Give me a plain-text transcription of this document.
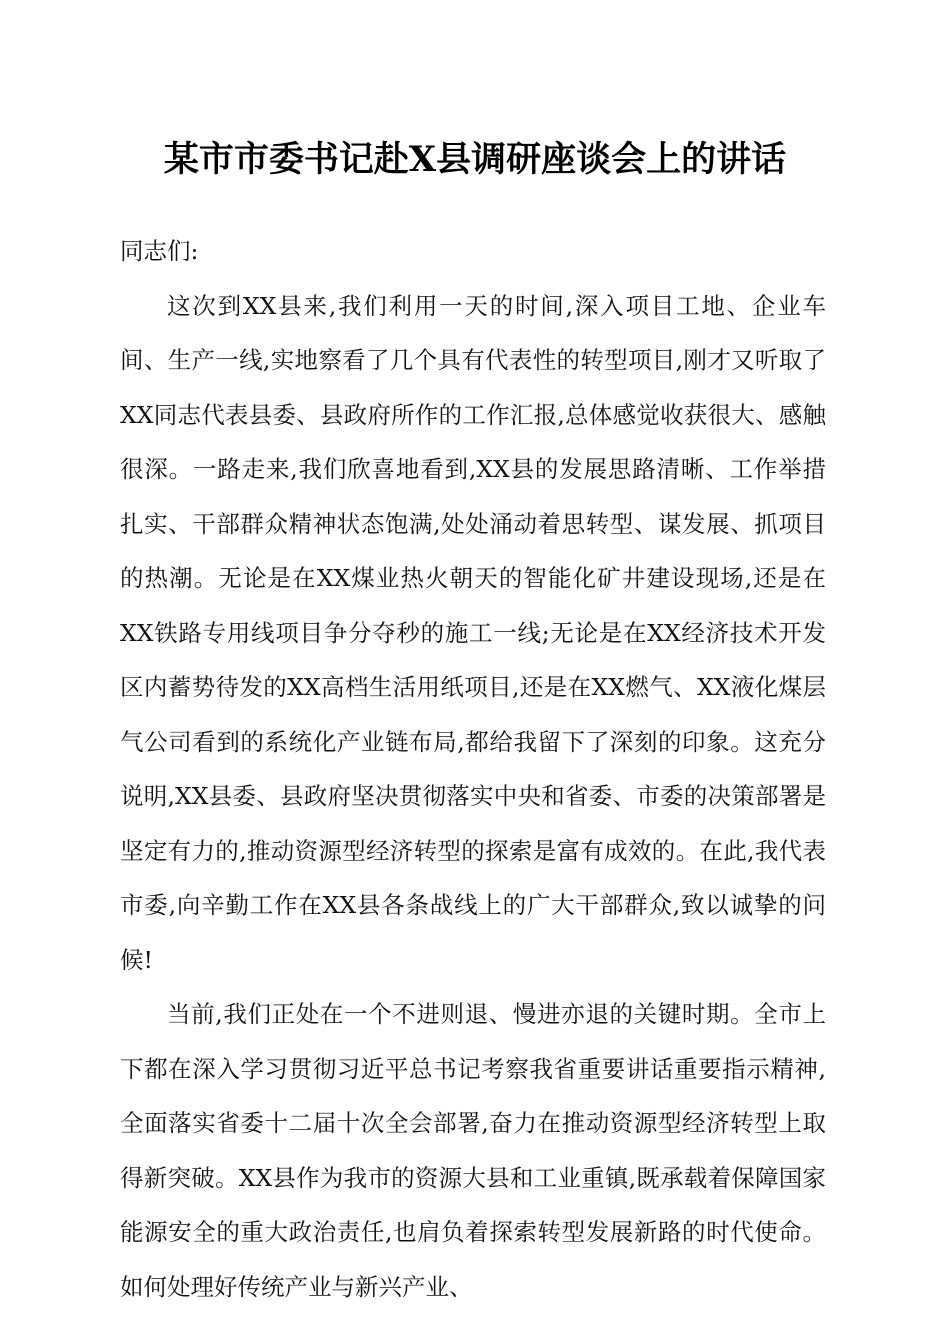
某市市委书记赴X县调研座谈会上的讲话

同志们:

这次到XX县来,我们利用一天的时间,深入项目工地、企业车间、生产一线,实地察看了几个具有代表性的转型项目,刚才又听取了XX同志代表县委、县政府所作的工作汇报,总体感觉收获很大、感触很深。一路走来,我们欣喜地看到,XX县的发展思路清晰、工作举措扎实、干部群众精神状态饱满,处处涌动着思转型、谋发展、抓项目的热潮。无论是在XX煤业热火朝天的智能化矿井建设现场,还是在XX铁路专用线项目争分夺秒的施工一线;无论是在XX经济技术开发区内蓄势待发的XX高档生活用纸项目,还是在XX燃气、XX液化煤层气公司看到的系统化产业链布局,都给我留下了深刻的印象。这充分说明,XX县委、县政府坚决贯彻落实中央和省委、市委的决策部署是坚定有力的,推动资源型经济转型的探索是富有成效的。在此,我代表市委,向辛勤工作在XX县各条战线上的广大干部群众,致以诚挚的问候!

当前,我们正处在一个不进则退、慢进亦退的关键时期。全市上下都在深入学习贯彻习近平总书记考察我省重要讲话重要指示精神,全面落实省委十二届十次全会部署,奋力在推动资源型经济转型上取得新突破。XX县作为我市的资源大县和工业重镇,既承载着保障国家能源安全的重大政治责任,也肩负着探索转型发展新路的时代使命。如何处理好传统产业与新兴产业、
